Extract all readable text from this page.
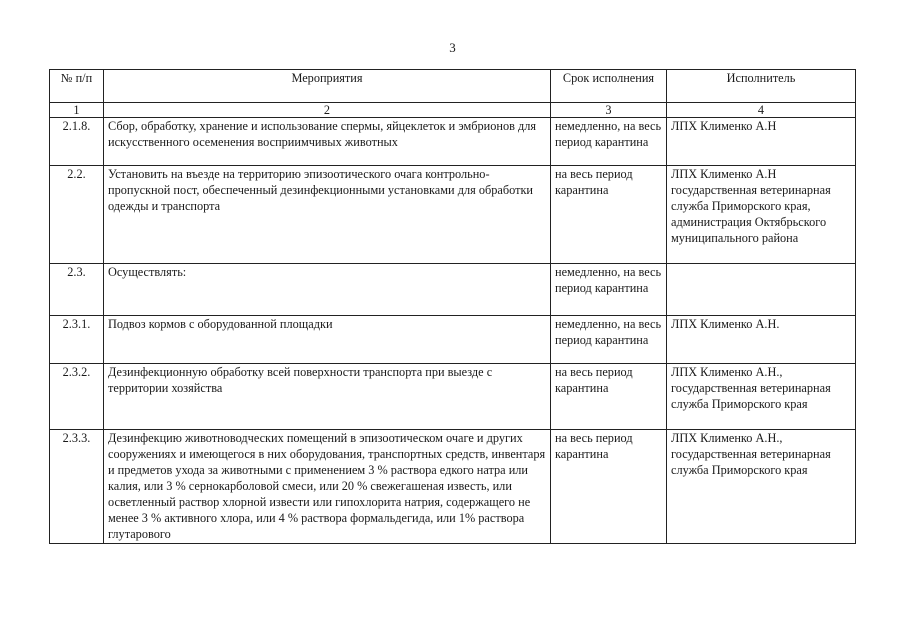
3
№ п/п	Мероприятия	Срок исполнения	Исполнитель
1	2	3	4
2.1.8.	Сбор, обработку, хранение и использование спермы, яйцеклеток и эмбрионов для искусственного осеменения восприимчивых животных	немедленно, на весь период карантина	ЛПХ Клименко А.Н
2.2.	Установить на въезде на территорию эпизоотического очага контрольно-пропускной пост, обеспеченный дезинфекционными установками для обработки одежды и транспорта	на весь период карантина	ЛПХ Клименко А.Н государственная ветеринарная служба Приморского края, администрация Октябрьского муниципального района
2.3.	Осуществлять:	немедленно, на весь период карантина	
2.3.1.	Подвоз кормов с оборудованной площадки	немедленно, на весь период карантина	ЛПХ Клименко А.Н.
2.3.2.	Дезинфекционную обработку всей поверхности транспорта при выезде с территории хозяйства	на весь период карантина	ЛПХ Клименко А.Н., государственная ветеринарная служба Приморского края
2.3.3.	Дезинфекцию животноводческих помещений в эпизоотическом очаге и других сооружениях и имеющегося в них оборудования, транспортных средств, инвентаря и предметов ухода за животными с применением 3 % раствора едкого натра или калия, или 3 % сернокарболовой смеси, или 20 % свежегашеная известь, или осветленный раствор хлорной извести или гипохлорита натрия, содержащего не менее 3 % активного хлора, или 4 % раствора формальдегида, или 1% раствора глутарового	на весь период карантина	ЛПХ Клименко А.Н., государственная ветеринарная служба Приморского края
